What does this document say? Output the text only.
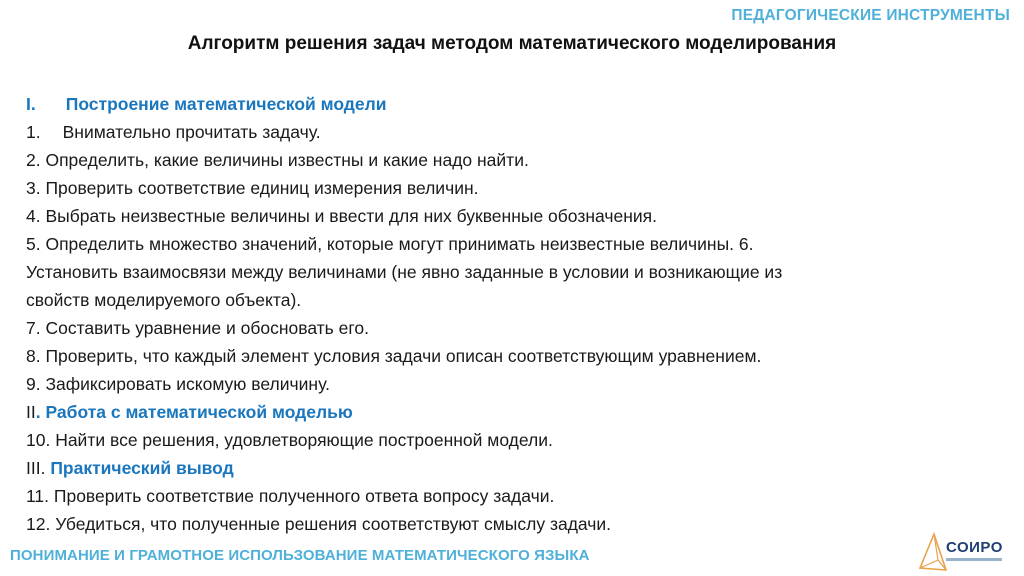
ПЕДАГОГИЧЕСКИЕ ИНСТРУМЕНТЫ
Алгоритм решения задач методом математического моделирования
I. Построение математической модели
1. Внимательно прочитать задачу.
2. Определить, какие величины известны и какие надо найти.
3. Проверить соответствие единиц измерения величин.
4. Выбрать неизвестные величины и ввести для них буквенные обозначения.
5. Определить множество значений, которые могут принимать неизвестные величины. 6.
Установить взаимосвязи между величинами (не явно заданные в условии и возникающие из
свойств моделируемого объекта).
7. Составить уравнение и обосновать его.
8. Проверить, что каждый элемент условия задачи описан соответствующим уравнением.
9. Зафиксировать искомую величину.
II. Работа с математической моделью
10. Найти все решения, удовлетворяющие построенной модели.
III. Практический вывод
11. Проверить соответствие полученного ответа вопросу задачи.
12. Убедиться, что полученные решения соответствуют смыслу задачи.
ПОНИМАНИЕ И ГРАМОТНОЕ ИСПОЛЬЗОВАНИЕ МАТЕМАТИЧЕСКОГО ЯЗЫКА	СОИРО
